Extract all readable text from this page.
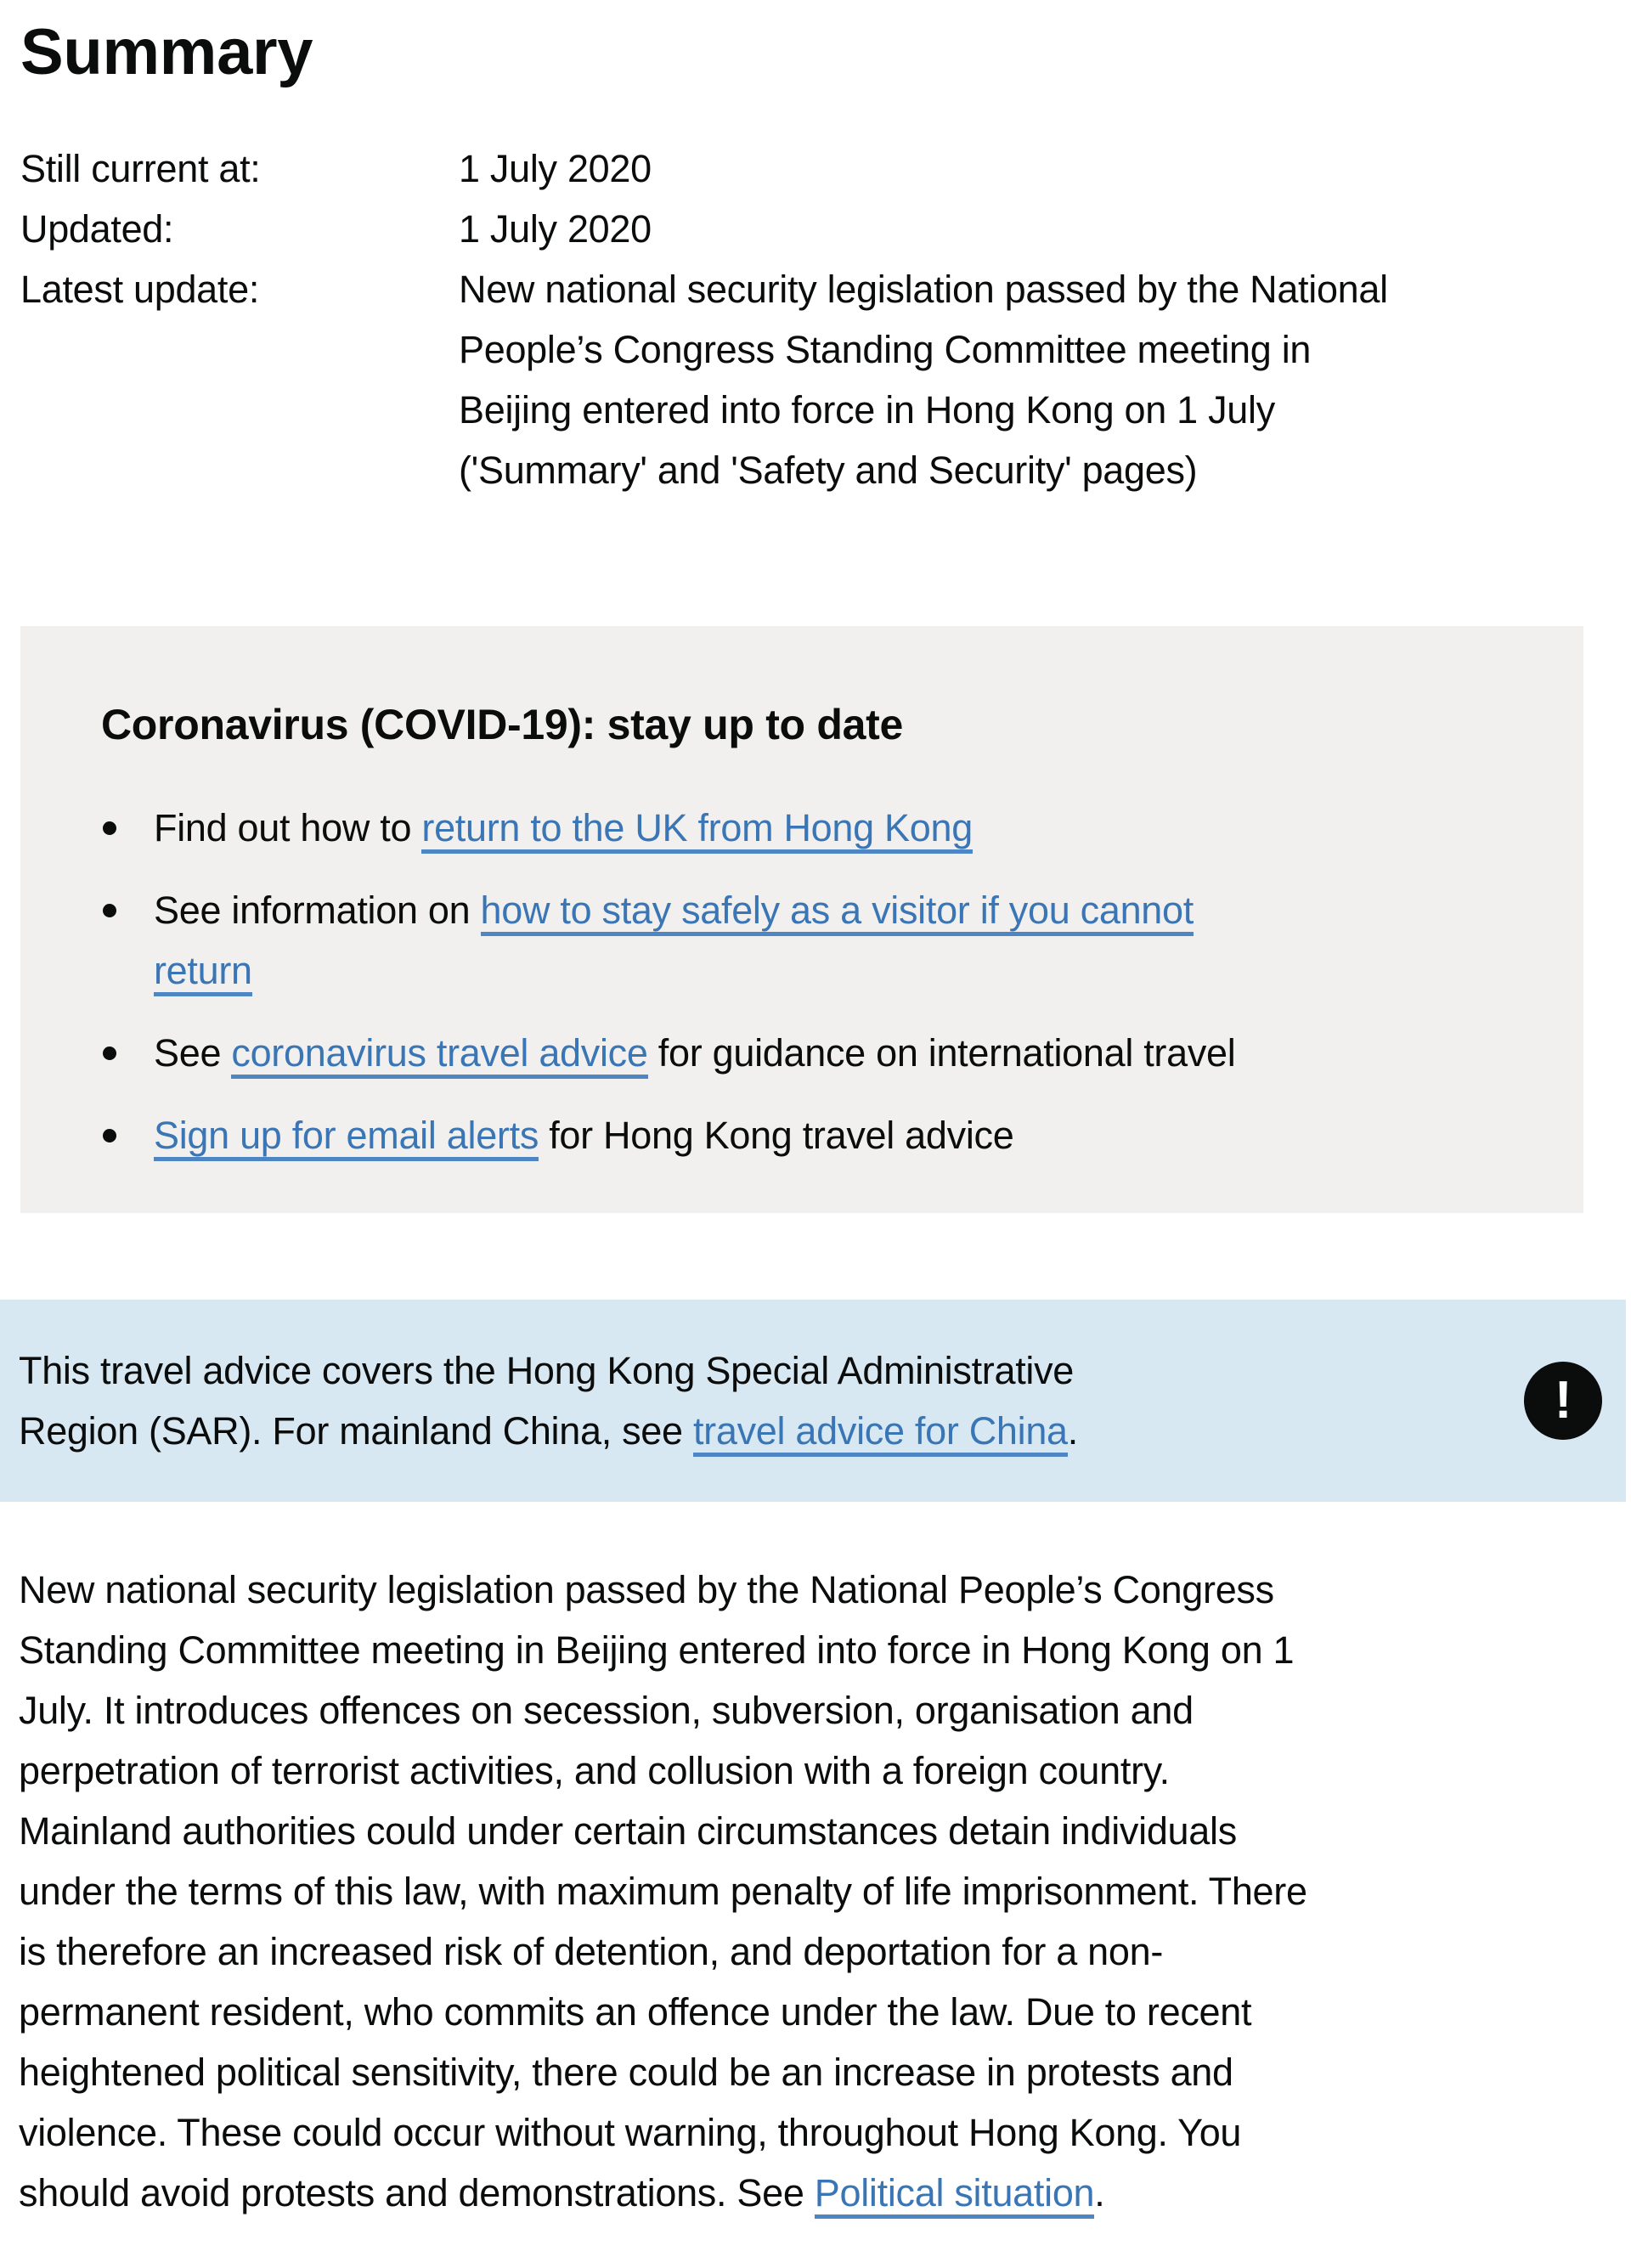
Summary
Still current at:	1 July 2020
Updated:	1 July 2020
Latest update:	New national security legislation passed by the National
People’s Congress Standing Committee meeting in
Beijing entered into force in Hong Kong on 1 July
('Summary' and 'Safety and Security' pages)
Coronavirus (COVID-19): stay up to date
Find out how to return to the UK from Hong Kong
See information on how to stay safely as a visitor if you cannot
return
See coronavirus travel advice for guidance on international travel
Sign up for email alerts for Hong Kong travel advice
This travel advice covers the Hong Kong Special Administrative
Region (SAR). For mainland China, see travel advice for China.
!

New national security legislation passed by the National People’s Congress
Standing Committee meeting in Beijing entered into force in Hong Kong on 1
July. It introduces offences on secession, subversion, organisation and
perpetration of terrorist activities, and collusion with a foreign country.
Mainland authorities could under certain circumstances detain individuals
under the terms of this law, with maximum penalty of life imprisonment. There
is therefore an increased risk of detention, and deportation for a non-
permanent resident, who commits an offence under the law. Due to recent
heightened political sensitivity, there could be an increase in protests and
violence. These could occur without warning, throughout Hong Kong. You
should avoid protests and demonstrations. See Political situation.
